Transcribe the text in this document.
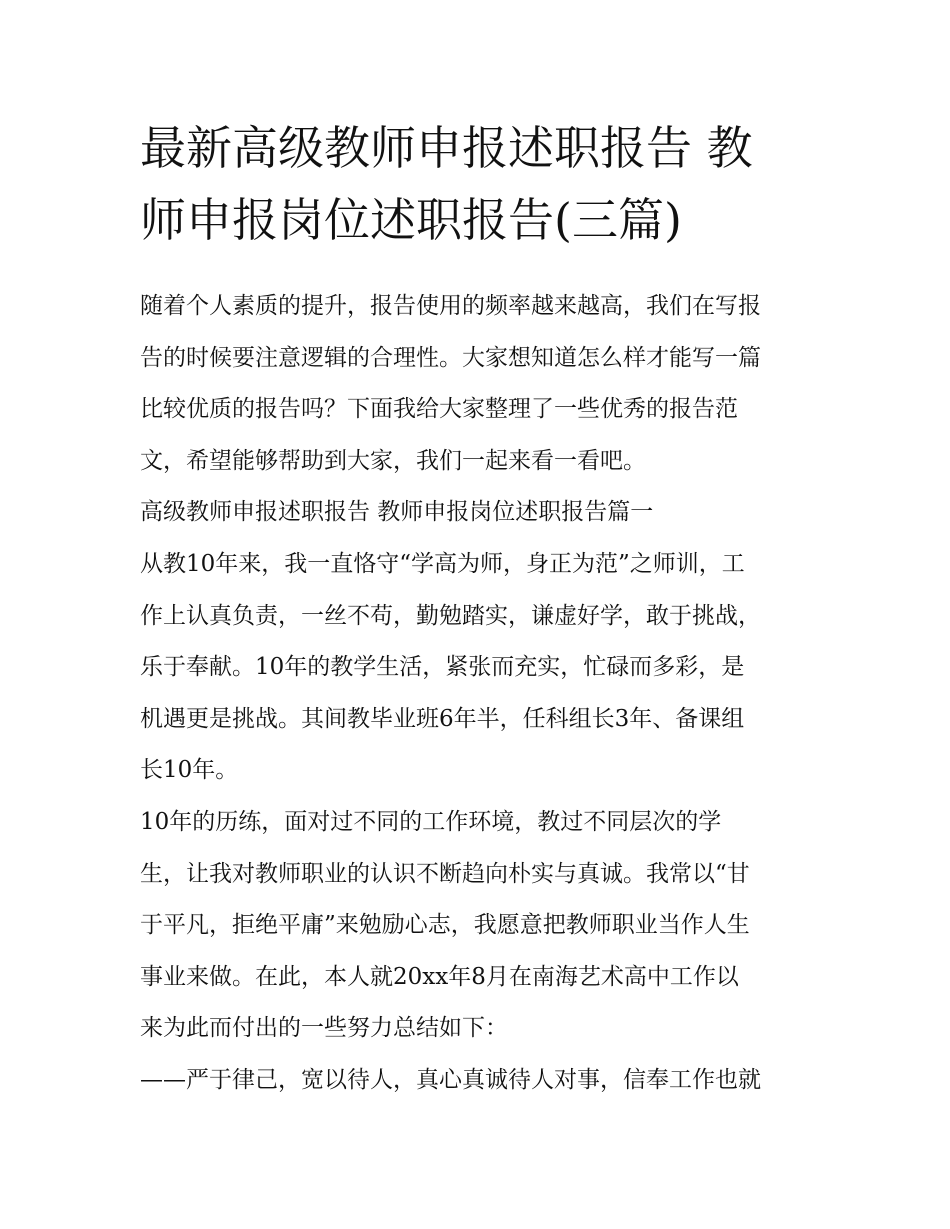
最新高级教师申报述职报告 教
师申报岗位述职报告(三篇)
随着个人素质的提升，报告使用的频率越来越高，我们在写报
告的时候要注意逻辑的合理性。大家想知道怎么样才能写一篇
比较优质的报告吗？下面我给大家整理了一些优秀的报告范
文，希望能够帮助到大家，我们一起来看一看吧。
高级教师申报述职报告 教师申报岗位述职报告篇一
从教10年来，我一直恪守“学高为师，身正为范”之师训，工
作上认真负责，一丝不苟，勤勉踏实，谦虚好学，敢于挑战，
乐于奉献。10年的教学生活，紧张而充实，忙碌而多彩，是
机遇更是挑战。其间教毕业班6年半，任科组长3年、备课组
长10年。
10年的历练，面对过不同的工作环境，教过不同层次的学
生，让我对教师职业的认识不断趋向朴实与真诚。我常以“甘
于平凡，拒绝平庸”来勉励心志，我愿意把教师职业当作人生
事业来做。在此，本人就20xx年8月在南海艺术高中工作以
来为此而付出的一些努力总结如下：
——严于律己，宽以待人，真心真诚待人对事，信奉工作也就
